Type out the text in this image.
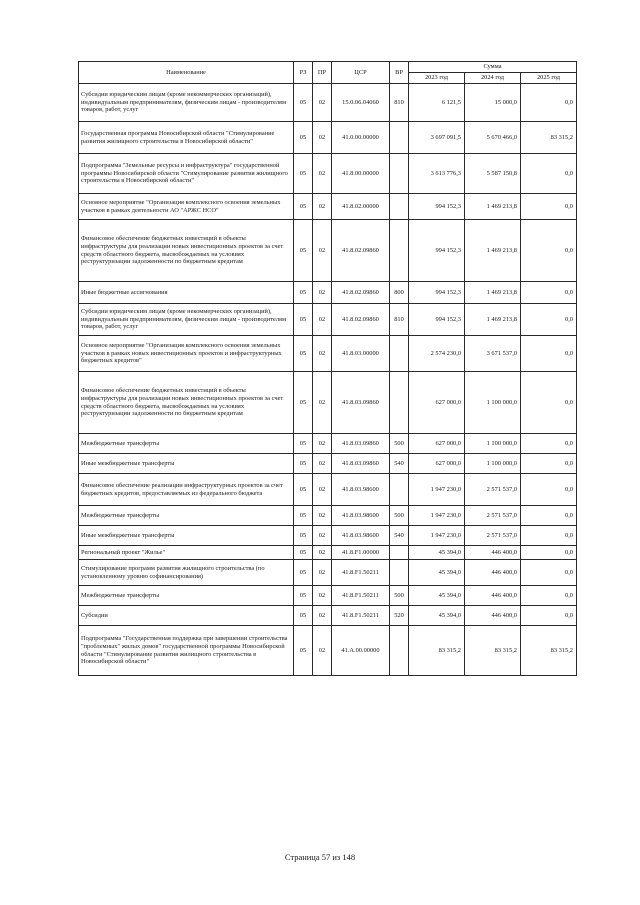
Наименование	РЗ	ПР	ЦСР	ВР	Сумма		
					2023 год	2024 год	2025 год
Субсидии юридическим лицам (кроме некоммерческих организаций), индивидуальным предпринимателям, физическим лицам - производителям товаров, работ, услуг	05	02	15.0.06.04060	810	6 121,5	15 000,0	0,0
Государственная программа Новосибирской области "Стимулирование развития жилищного строительства в Новосибирской области"	05	02	41.0.00.00000		3 697 091,5	5 670 466,0	83 315,2
Подпрограмма "Земельные ресурсы и инфраструктура" государственной программы Новосибирской области "Стимулирование развития жилищного строительства в Новосибирской области"	05	02	41.8.00.00000		3 613 776,3	5 587 150,8	0,0
Основное мероприятие "Организация комплексного освоения земельных участков в рамках деятельности АО "АРЖС НСО"	05	02	41.8.02.00000		994 152,3	1 469 213,8	0,0
Финансовое обеспечение бюджетных инвестиций в объекты инфраструктуры для реализации новых инвестиционных проектов за счет средств областного бюджета, высвобождаемых на условиях реструктуризации задолженности по бюджетным кредитам	05	02	41.8.02.09860		994 152,3	1 469 213,8	0,0
Иные бюджетные ассигнования	05	02	41.8.02.09860	800	994 152,3	1 469 213,8	0,0
Субсидии юридическим лицам (кроме некоммерческих организаций), индивидуальным предпринимателям, физическим лицам - производителям товаров, работ, услуг	05	02	41.8.02.09860	810	994 152,3	1 469 213,8	0,0
Основное мероприятие "Организация комплексного освоения земельных участков в рамках новых инвестиционных проектов и инфраструктурных бюджетных кредитов"	05	02	41.8.03.00000		2 574 230,0	3 671 537,0	0,0
Финансовое обеспечение бюджетных инвестиций в объекты инфраструктуры для реализации новых инвестиционных проектов за счет средств областного бюджета, высвобождаемых на условиях реструктуризации задолженности по бюджетным кредитам	05	02	41.8.03.09860		627 000,0	1 100 000,0	0,0
Межбюджетные трансферты	05	02	41.8.03.09860	500	627 000,0	1 100 000,0	0,0
Иные межбюджетные трансферты	05	02	41.8.03.09860	540	627 000,0	1 100 000,0	0,0
Финансовое обеспечение реализации инфраструктурных проектов за счет бюджетных кредитов, предоставляемых из федерального бюджета	05	02	41.8.03.98600		1 947 230,0	2 571 537,0	0,0
Межбюджетные трансферты	05	02	41.8.03.98600	500	1 947 230,0	2 571 537,0	0,0
Иные межбюджетные трансферты	05	02	41.8.03.98600	540	1 947 230,0	2 571 537,0	0,0
Региональный проект "Жилье"	05	02	41.8.F1.00000		45 394,0	446 400,0	0,0
Стимулирование программ развития жилищного строительства (по установленному уровню софинансирования)	05	02	41.8.F1.50211		45 394,0	446 400,0	0,0
Межбюджетные трансферты	05	02	41.8.F1.50211	500	45 394,0	446 400,0	0,0
Субсидии	05	02	41.8.F1.50211	520	45 394,0	446 400,0	0,0
Подпрограмма "Государственная поддержка при завершении строительства "проблемных" жилых домов" государственной программы Новосибирской области "Стимулирование развития жилищного строительства в Новосибирской области"	05	02	41.А.00.00000		83 315,2	83 315,2	83 315,2
Страница 57 из 148
